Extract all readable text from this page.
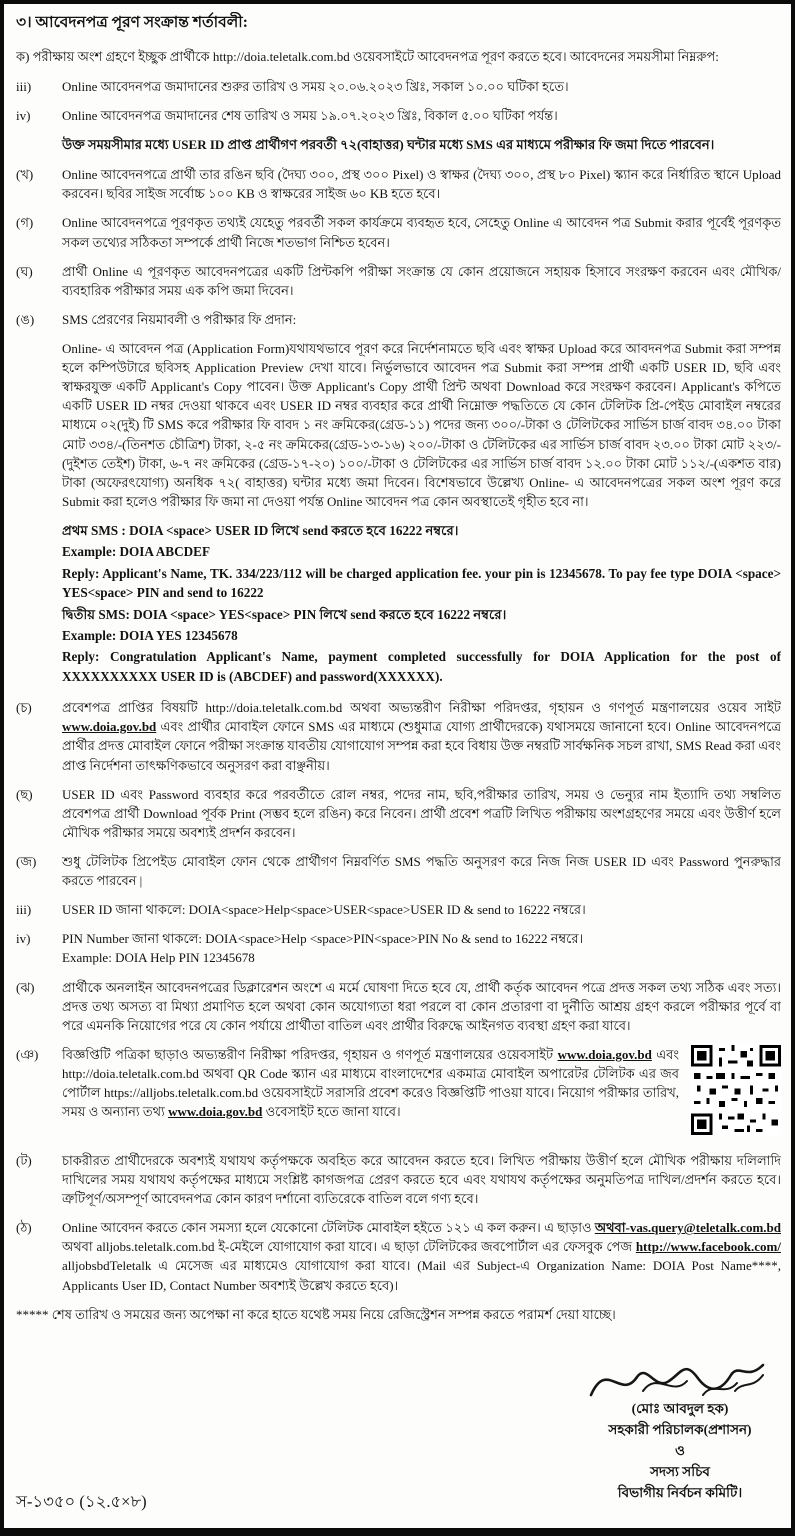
৩। আবেদনপত্র পূরণ সংক্রান্ত শর্তাবলী:
ক) পরীক্ষায় অংশ গ্রহণে ইচ্ছুক প্রার্থীকে http://doia.teletalk.com.bd ওয়েবসাইটে আবেদনপত্র পূরণ করতে হবে। আবেদনের সময়সীমা নিম্নরুপ:
iii)	Online আবেদনপত্র জমাদানের শুরুর তারিখ ও সময় ২০.০৬.২০২৩ খ্রিঃ, সকাল ১০.০০ ঘটিকা হতে।
iv)	Online আবেদনপত্র জমাদানের শেষ তারিখ ও সময় ১৯.০৭.২০২৩ খ্রিঃ, বিকাল ৫.০০ ঘটিকা পর্যন্ত।
উক্ত সময়সীমার মধ্যে USER ID প্রাপ্ত প্রার্থীগণ পরবর্তী ৭২(বাহাত্তর) ঘন্টার মধ্যে SMS এর মাধ্যমে পরীক্ষার ফি জমা দিতে পারবেন।
(খ)	Online আবেদনপত্রে প্রার্থী তার রঙিন ছবি (দৈঘ্য ৩০০, প্রস্থ ৩০০ Pixel) ও স্বাক্ষর (দৈঘ্য ৩০০, প্রস্থ ৮০ Pixel) স্ক্যান করে নির্ধারিত স্থানে Upload করবেন। ছবির সাইজ সর্বোচ্চ ১০০ KB ও স্বাক্ষরের সাইজ ৬০ KB হতে হবে।
(গ)	Online আবেদনপত্রে পূরণকৃত তথ্যই যেহেতু পরবর্তী সকল কার্যক্রমে ব্যবহৃত হবে, সেহেতু Online এ আবেদন পত্র Submit করার পূর্বেই পূরণকৃত সকল তথ্যের সঠিকতা সম্পর্কে প্রার্থী নিজে শতভাগ নিশ্চিত হবেন।
(ঘ)	প্রার্থী Online এ পূরণকৃত আবেদনপত্রের একটি প্রিন্টকপি পরীক্ষা সংক্রান্ত যে কোন প্রয়োজনে সহায়ক হিসাবে সংরক্ষণ করবেন এবং মৌখিক/ব্যবহারিক পরীক্ষার সময় এক কপি জমা দিবেন।
(ঙ)	SMS প্রেরণের নিয়মাবলী ও পরীক্ষার ফি প্রদান:
Online- এ আবেদন পত্র (Application Form)যথাযথভাবে পূরণ করে নির্দেশনামতে ছবি এবং স্বাক্ষর Upload করে আবদনপত্র Submit করা সম্পন্ন হলে কম্পিউটারে ছবিসহ Application Preview দেখা যাবে। নির্ভুলভাবে আবেদন পত্র Submit করা সম্পন্ন প্রার্থী একটি USER ID, ছবি এবং স্বাক্ষরযুক্ত একটি Applicant's Copy পাবেন। উক্ত Applicant's Copy প্রার্থী প্রিন্ট অথবা Download করে সংরক্ষণ করবেন। Applicant's কপিতে একটি USER ID নম্বর দেওয়া থাকবে এবং USER ID নম্বর ব্যবহার করে প্রার্থী নিম্নোক্ত পদ্ধতিতে যে কোন টেলিটক প্রি-পেইড মোবাইল নম্বরের মাধ্যমে ০২(দুই) টি SMS করে পরীক্ষার ফি বাবদ ১ নং ক্রমিকের(গ্রেড-১১) পদের জন্য ৩০০/-টাকা ও টেলিটকের সার্ভিস চার্জ বাবদ ৩৪.০০ টাকা মোট ৩৩৪/-(তিনশত চৌত্রিশ) টাকা, ২-৫ নং ক্রমিকের(গ্রেড-১৩-১৬) ২০০/-টাকা ও টেলিটকের এর সার্ভিস চার্জ বাবদ ২৩.০০ টাকা মোট ২২৩/-(দুইশত তেইশ) টাকা, ৬-৭ নং ক্রমিকের (গ্রেড-১৭-২০) ১০০/-টাকা ও টেলিটকের এর সার্ভিস চার্জ বাবদ ১২.০০ টাকা মোট ১১২/-(একশত বার) টাকা (অফেরৎযোগ্য) অনধিক ৭২( বাহাত্তর) ঘন্টার মধ্যে জমা দিবেন। বিশেষভাবে উল্লেখ্য Online- এ আবেদনপত্রের সকল অংশ পূরণ করে Submit করা হলেও পরীক্ষার ফি জমা না দেওয়া পর্যন্ত Online আবেদন পত্র কোন অবস্থাতেই গৃহীত হবে না।
প্রথম SMS : DOIA <space> USER ID লিখে send করতে হবে 16222 নম্বরে।
Example: DOIA ABCDEF
Reply: Applicant's Name, TK. 334/223/112 will be charged application fee. your pin is 12345678. To pay fee type DOIA <space> YES<space> PIN and send to 16222
দ্বিতীয় SMS: DOIA <space> YES<space> PIN লিখে send করতে হবে 16222 নম্বরে।
Example: DOIA YES 12345678
Reply: Congratulation Applicant's Name, payment completed successfully for DOIA Application for the post of XXXXXXXXXX USER ID is (ABCDEF) and password(XXXXXX).
(চ)	প্রবেশপত্র প্রাপ্তির বিষয়টি http://doia.teletalk.com.bd অথবা অভ্যন্তরীণ নিরীক্ষা পরিদপ্তর, গৃহায়ন ও গণপূর্ত মন্ত্রণালয়ের ওয়েব সাইট www.doia.gov.bd এবং প্রার্থীর মোবাইল ফোনে SMS এর মাধ্যমে (শুধুমাত্র যোগ্য প্রার্থীদেরকে) যথাসময়ে জানানো হবে। Online আবেদনপত্রে প্রার্থীর প্রদত্ত মোবাইল ফোনে পরীক্ষা সংক্রান্ত যাবতীয় যোগাযোগ সম্পন্ন করা হবে বিধায় উক্ত নম্বরটি সার্বক্ষনিক সচল রাখা, SMS Read করা এবং প্রাপ্ত নির্দেশনা তাৎক্ষণিকভাবে অনুসরণ করা বাঞ্ছনীয়।
(ছ)	USER ID এবং Password ব্যবহার করে পরবর্তীতে রোল নম্বর, পদের নাম, ছবি,পরীক্ষার তারিখ, সময় ও ভেন্যুর নাম ইত্যাদি তথ্য সম্বলিত প্রবেশপত্র প্রার্থী Download পূর্বক Print (সম্ভব হলে রঙিন) করে নিবেন। প্রার্থী প্রবেশ পত্রটি লিখিত পরীক্ষায় অংশগ্রহণের সময়ে এবং উত্তীর্ণ হলে মৌখিক পরীক্ষার সময়ে অবশ্যই প্রদর্শন করবেন।
(জ)	শুধু টেলিটক প্রিপেইড মোবাইল ফোন থেকে প্রার্থীগণ নিম্নবর্ণিত SMS পদ্ধতি অনুসরণ করে নিজ নিজ USER ID এবং Password পুনরুদ্ধার করতে পারবেন |
iii)	USER ID জানা থাকলে: DOIA<space>Help<space>USER<space>USER ID & send to 16222 নম্বরে।
iv)	PIN Number জানা থাকলে: DOIA<space>Help <space>PIN<space>PIN No & send to 16222 নম্বরে।
Example: DOIA Help PIN 12345678
(ঝ)	প্রার্থীকে অনলাইন আবেদনপত্রের ডিক্লারেশন অংশে এ মর্মে ঘোষণা দিতে হবে যে, প্রার্থী কর্তৃক আবেদন পত্রে প্রদত্ত সকল তথ্য সঠিক এবং সত্য। প্রদত্ত তথ্য অসত্য বা মিথ্যা প্রমাণিত হলে অথবা কোন অযোগ্যতা ধরা পরলে বা কোন প্রতারণা বা দুর্নীতি আশ্রয় গ্রহণ করলে পরীক্ষার পূর্বে বা পরে এমনকি নিয়োগের পরে যে কোন পর্যায়ে প্রার্থীতা বাতিল এবং প্রার্থীর বিরুদ্ধে আইনগত ব্যবস্থা গ্রহণ করা যাবে।
(ঞ)	বিজ্ঞপ্তিটি পত্রিকা ছাড়াও অভ্যন্তরীণ নিরীক্ষা পরিদপ্তর, গৃহায়ন ও গণপূর্ত মন্ত্রণালয়ের ওয়েবসাইট www.doia.gov.bd এবং http://doia.teletalk.com.bd অথবা QR Code স্ক্যান এর মাধ্যমে বাংলাদেশের একমাত্র মোবাইল অপারেটর টেলিটক এর জব পোর্টাল https://alljobs.teletalk.com.bd ওয়েবসাইটে সরাসরি প্রবেশ করেও বিজ্ঞপ্তিটি পাওয়া যাবে। নিয়োগ পরীক্ষার তারিখ, সময় ও অন্যান্য তথ্য www.doia.gov.bd ওবেসাইট হতে জানা যাবে।
(ট)	চাকরীরত প্রার্থীদেরকে অবশ্যই যথাযথ কর্তৃপক্ষকে অবহিত করে আবেদন করতে হবে। লিখিত পরীক্ষায় উত্তীর্ণ হলে মৌখিক পরীক্ষায় দলিলাদি দাখিলের সময় যথাযথ কর্তৃপক্ষের মাধ্যমে সংশ্লিষ্ট কাগজপত্র প্রেরণ করতে হবে এবং যথাযথ কর্তৃপক্ষের অনুমতিপত্র দাখিল/প্রদর্শন করতে হবে। ত্রুটিপূর্ণ/অসম্পূর্ণ আবেদনপত্র কোন কারণ দর্শানো ব্যতিরেকে বাতিল বলে গণ্য হবে।
(ঠ)	Online আবেদন করতে কোন সমস্যা হলে যেকোনো টেলিটক মোবাইল হইতে ১২১ এ কল করুন। এ ছাড়াও অথবা-vas.query@teletalk.com.bd অথবা alljobs.teletalk.com.bd ই-মেইলে যোগাযোগ করা যাবে। এ ছাড়া টেলিটকের জবপোর্টাল এর ফেসবুক পেজ http://www.facebook.com/ alljobsbdTeletalk এ মেসেজ এর মাধ্যমেও যোগাযোগ করা যাবে। (Mail এর Subject-এ Organization Name: DOIA Post Name****, Applicants User ID, Contact Number অবশ্যই উল্লেখ করতে হবে)।
***** শেষ তারিখ ও সময়ের জন্য অপেক্ষা না করে হাতে যথেষ্ট সময় নিয়ে রেজিস্ট্রেশন সম্পন্ন করতে পরামর্শ দেয়া যাচ্ছে।
(মোঃ আবদুল হক)
সহকারী পরিচালক(প্রশাসন)
ও
সদস্য সচিব
বিভাগীয় নির্বচন কমিটি।
স-১৩৫০ (১২.৫×৮)
